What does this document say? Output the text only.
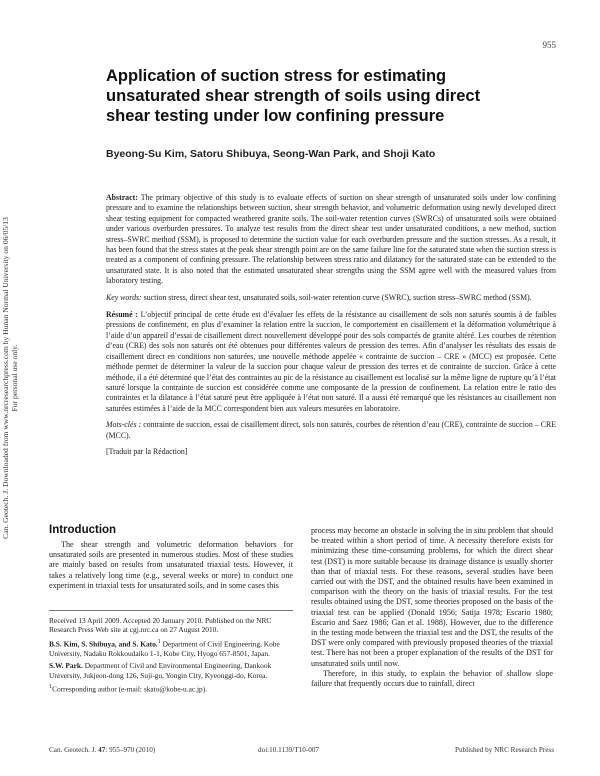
955
Can. Geotech. J. Downloaded from www.nrcresearchpress.com by Hunan Normal University on 06/05/13
For personal use only.
Application of suction stress for estimating unsaturated shear strength of soils using direct shear testing under low confining pressure
Byeong-Su Kim, Satoru Shibuya, Seong-Wan Park, and Shoji Kato

Abstract: The primary objective of this study is to evaluate effects of suction on shear strength of unsaturated soils under low confining pressure and to examine the relationships between suction, shear strength behavior, and volumetric deformation using newly developed direct shear testing equipment for compacted weathered granite soils. The soil-water retention curves (SWRCs) of unsaturated soils were obtained under various overburden pressures. To analyze test results from the direct shear test under unsaturated conditions, a new method, suction stress–SWRC method (SSM), is proposed to determine the suction value for each overburden pressure and the suction stresses. As a result, it has been found that the stress states at the peak shear strength point are on the same failure line for the saturated state when the suction stress is treated as a component of confining pressure. The relationship between stress ratio and dilatancy for the saturated state can be extended to the unsaturated state. It is also noted that the estimated unsaturated shear strengths using the SSM agree well with the measured values from laboratory testing.

Key words: suction stress, direct shear test, unsaturated soils, soil-water retention curve (SWRC), suction stress–SWRC method (SSM).

Résumé : L’objectif principal de cette étude est d’évaluer les effets de la résistance au cisaillement de sols non saturés soumis à de faibles pressions de confinement, en plus d’examiner la relation entre la succion, le comportement en cisaillement et la déformation volumétrique à l’aide d’un appareil d’essai de cisaillement direct nouvellement développé pour des sols compactés de granite altéré. Les courbes de rétention d’eau (CRE) des sols non saturés ont été obtenues pour différentes valeurs de pression des terres. Afin d’analyser les résultats des essais de cisaillement direct en conditions non saturées, une nouvelle méthode appelée « contrainte de succion – CRE » (MCC) est proposée. Cette méthode permet de déterminer la valeur de la succion pour chaque valeur de pression des terres et de contrainte de succion. Grâce à cette méthode, il a été déterminé que l’état des contraintes au pic de la résistance au cisaillement est localisé sur la même ligne de rupture qu’à l’état saturé lorsque la contrainte de succion est considérée comme une composante de la pression de confinement. La relation entre le ratio des contraintes et la dilatance à l’état saturé peut être appliquée à l’état non saturé. Il a aussi été remarqué que les résistances au cisaillement non saturées estimées à l’aide de la MCC correspondent bien aux valeurs mesurées en laboratoire.

Mots-clés : contrainte de succion, essai de cisaillement direct, sols non saturés, courbes de rétention d’eau (CRE), contrainte de succion – CRE (MCC).

[Traduit par la Rédaction]

Introduction

The shear strength and volumetric deformation behaviors for unsaturated soils are presented in numerous studies. Most of these studies are mainly based on results from unsaturated triaxial tests. However, it takes a relatively long time (e.g., several weeks or more) to conduct one experiment in triaxial tests for unsaturated soils, and in some cases this

Received 13 April 2009. Accepted 20 January 2010. Published on the NRC Research Press Web site at cgj.nrc.ca on 27 August 2010.

B.S. Kim, S. Shibuya, and S. Kato.$^1$ Department of Civil Engineering, Kobe University, Nadaku Rokkoudaiko 1-1, Kobe City, Hyogo 657-8501, Japan.

S.W. Park. Department of Civil and Environmental Engineering, Dankook University, Jukjeon-dong 126, Suji-gu, Yongin City, Kyeonggi-do, Korea.

$^1$Corresponding author (e-mail: skato@kobe-u.ac.jp).

process may become an obstacle in solving the in situ problem that should be treated within a short period of time. A necessity therefore exists for minimizing these time-consuming problems, for which the direct shear test (DST) is more suitable because its drainage distance is usually shorter than that of triaxial tests. For these reasons, several studies have been carried out with the DST, and the obtained results have been examined in comparison with the theory on the basis of triaxial results. For the test results obtained using the DST, some theories proposed on the basis of the triaxial test can be applied (Donald 1956; Satija 1978; Escario 1980; Escario and Saez 1986; Gan et al. 1988). However, due to the difference in the testing mode between the triaxial test and the DST, the results of the DST were only compared with previously proposed theories of the triaxial test. There has not been a proper explanation of the results of the DST for unsaturated soils until now.

Therefore, in this study, to explain the behavior of shallow slope failure that frequently occurs due to rainfall, direct

Can. Geotech. J. 47: 955–970 (2010)	doi:10.1139/T10-007	Published by NRC Research Press
